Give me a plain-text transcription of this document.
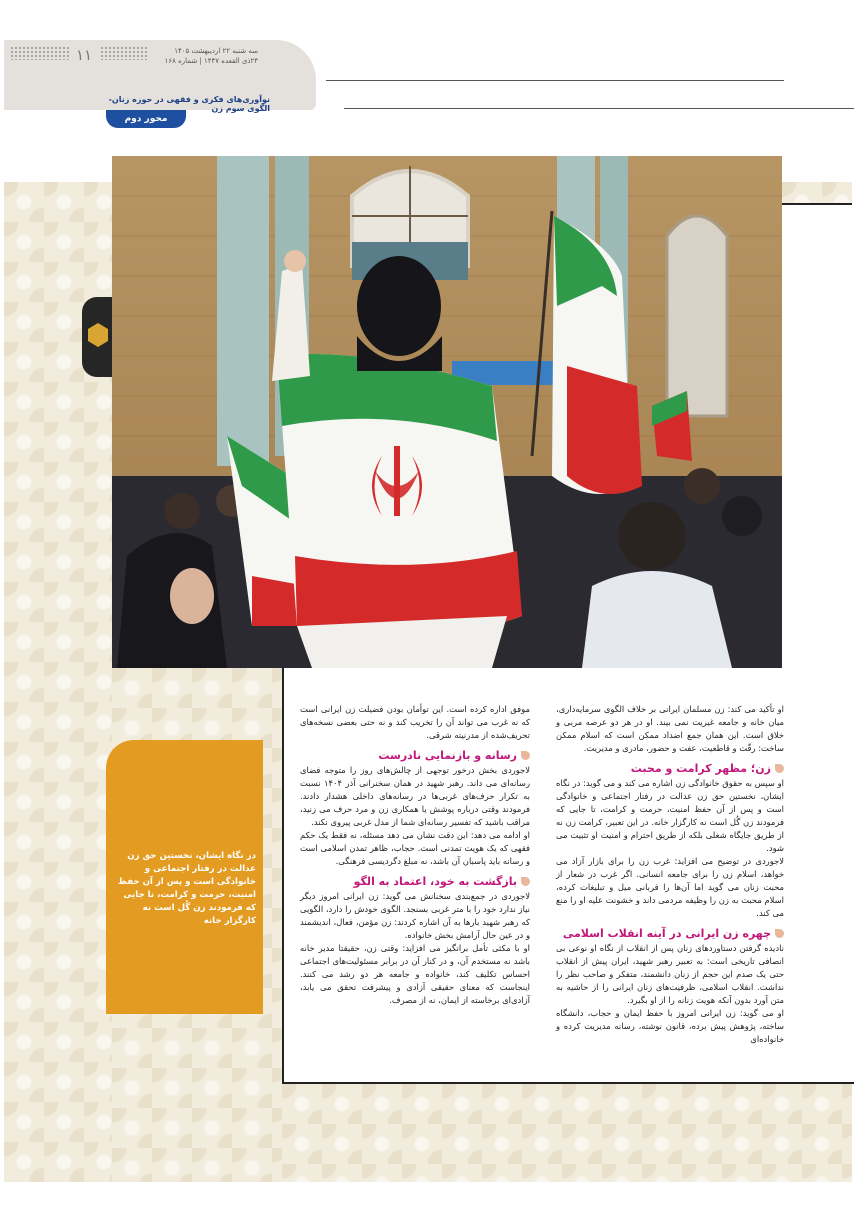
۱۱	سه شنبه ۲۲ اردیبهشت ۱۴۰۵
۲۴ذی القعده ۱۴۴۷ | شماره ۱۶۸
نوآوری‌های فکری و فقهی در حوزه زنان-الگوی سوم زن
محور دوم

او تأکید می کند: زن مسلمان ایرانی بر خلاف الگوی سرمایه‌داری، میان خانه و جامعه غیریت نمی بیند. او در هر دو عرصه مربی و خلاق است. این همان جمع اضداد ممکن است که اسلام ممکن ساخت: رقّت و قاطعیت، عفت و حضور، مادری و مدیریت.

زن؛ مظهر کرامت و محبت

او سپس به حقوق خانوادگی زن اشاره می کند و می گوید: در نگاه ایشان، نخستین حق زن عدالت در رفتار اجتماعی و خانوادگی است و پس از آن حفظ امنیت، حرمت و کرامت، تا جایی که فرمودند زن گُل است نه کارگزار خانه. در این تعبیر، کرامت زن نه از طریق جایگاه شغلی بلکه از طریق احترام و امنیت او تثبیت می شود.

لاجوردی در توضیح می افزاید: غرب زن را برای بازار آزاد می خواهد، اسلام زن را برای جامعه انسانی. اگر غرب در شعار از محبت زنان می گوید اما آن‌ها را قربانی میل و تبلیغات کرده، اسلام محبت به زن را وظیفه مردمی داند و خشونت علیه او را منع می کند.

چهره زن ایرانی در آینه انقلاب اسلامی

نادیده گرفتن دستاوردهای زنان پس از انقلاب از نگاه او نوعی بی انصافی تاریخی است: به تعبیر رهبر شهید، ایران پیش از انقلاب حتی یک صدم این حجم از زنان دانشمند، متفکر و صاحب نظر را نداشت. انقلاب اسلامی، ظرفیت‌های زنان ایرانی را از حاشیه به متن آورد بدون آنکه هویت زنانه را از او بگیرد.

او می گوید: زن ایرانی امروز با حفظ ایمان و حجاب، دانشگاه ساخته، پژوهش پیش برده، قانون نوشته، رسانه مدیریت کرده و خانواده‌ای

موفق اداره کرده است. این توأمان بودن فضیلت زن ایرانی است که نه غرب می تواند آن را تخریب کند و نه حتی بعضی نسخه‌های تحریف‌شده از مدرنیته شرقی.

رسانه و بازنمایی نادرست

لاجوردی بخش درخور توجهی از چالش‌های روز را متوجه فضای رسانه‌ای می داند. رهبر شهید در همان سخنرانی آذر ۱۴۰۴ نسبت به تکرار حرف‌های غربی‌ها در رسانه‌های داخلی هشدار دادند. فرمودند وقتی درباره پوشش یا همکاری زن و مرد حرف می زنید، مراقب باشید که تفسیر رسانه‌ای شما از مدل غربی پیروی نکند.

او ادامه می دهد: این دقت نشان می دهد مسئله، نه فقط یک حکم فقهی که یک هویت تمدنی است. حجاب، ظاهر تمدن اسلامی است و رسانه باید پاسبان آن باشد، نه مبلغ دگردیسی فرهنگی.

بازگشت به خود، اعتماد به الگو

لاجوردی در جمع‌بندی سخنانش می گوید: زن ایرانی امروز دیگر نیاز ندارد خود را با متر غربی بسنجد. الگوی خودش را دارد، الگویی که رهبر شهید بارها به آن اشاره کردند: زن مؤمن، فعال، اندیشمند و در عین حال آرامش بخش خانواده.

او با مکثی تأمل برانگیز می افزاید: وقتی زن، حقیقتا مدیر خانه باشد نه مستخدم آن، و در کنار آن در برابر مسئولیت‌های اجتماعی احساس تکلیف کند، خانواده و جامعه هر دو رشد می کنند. اینجاست که معنای حقیقی آزادی و پیشرفت تحقق می یابد، آزادی‌ای برخاسته از ایمان، نه از مصرف.

در نگاه ایشان، نخستین حق زن عدالت در رفتار اجتماعی و خانوادگی است و پس از آن حفظ امنیت، حرمت و کرامت، تا جایی که فرمودند زن گُل است نه کارگزار خانه
